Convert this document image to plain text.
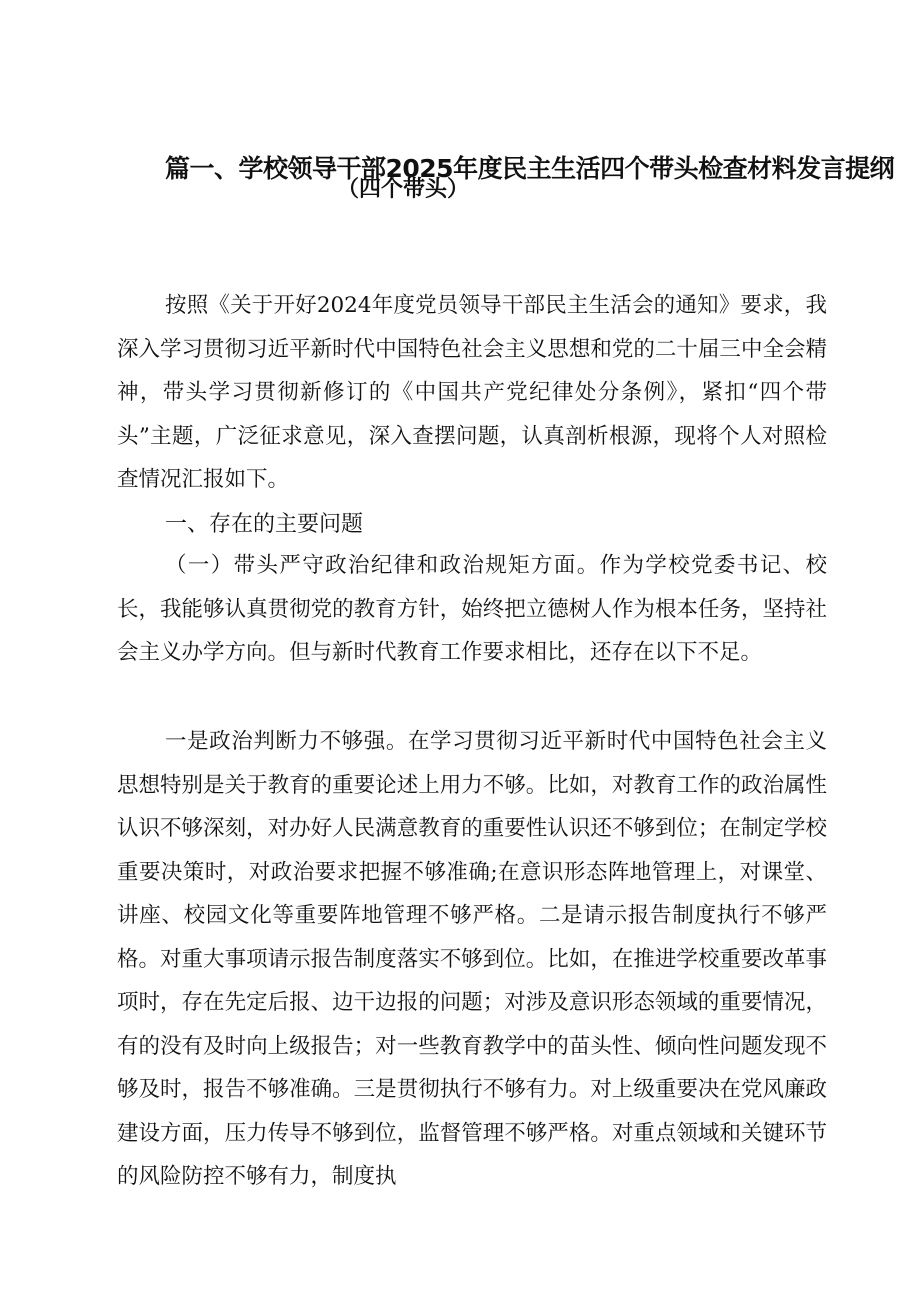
篇一、学校领导干部2025年度民主生活四个带头检查材料发言提纲
（四个带头）

按照《关于开好2024年度党员领导干部民主生活会的通知》要求，我深入学习贯彻习近平新时代中国特色社会主义思想和党的二十届三中全会精神，带头学习贯彻新修订的《中国共产党纪律处分条例》，紧扣“四个带头”主题，广泛征求意见，深入查摆问题，认真剖析根源，现将个人对照检查情况汇报如下。

一、存在的主要问题

（一）带头严守政治纪律和政治规矩方面。作为学校党委书记、校长，我能够认真贯彻党的教育方针，始终把立德树人作为根本任务，坚持社会主义办学方向。但与新时代教育工作要求相比，还存在以下不足。

一是政治判断力不够强。在学习贯彻习近平新时代中国特色社会主义思想特别是关于教育的重要论述上用力不够。比如，对教育工作的政治属性认识不够深刻，对办好人民满意教育的重要性认识还不够到位；在制定学校重要决策时，对政治要求把握不够准确;在意识形态阵地管理上，对课堂、讲座、校园文化等重要阵地管理不够严格。二是请示报告制度执行不够严格。对重大事项请示报告制度落实不够到位。比如，在推进学校重要改革事项时，存在先定后报、边干边报的问题；对涉及意识形态领域的重要情况，有的没有及时向上级报告；对一些教育教学中的苗头性、倾向性问题发现不够及时，报告不够准确。三是贯彻执行不够有力。对上级重要决在党风廉政建设方面，压力传导不够到位，监督管理不够严格。对重点领域和关键环节的风险防控不够有力，制度执
